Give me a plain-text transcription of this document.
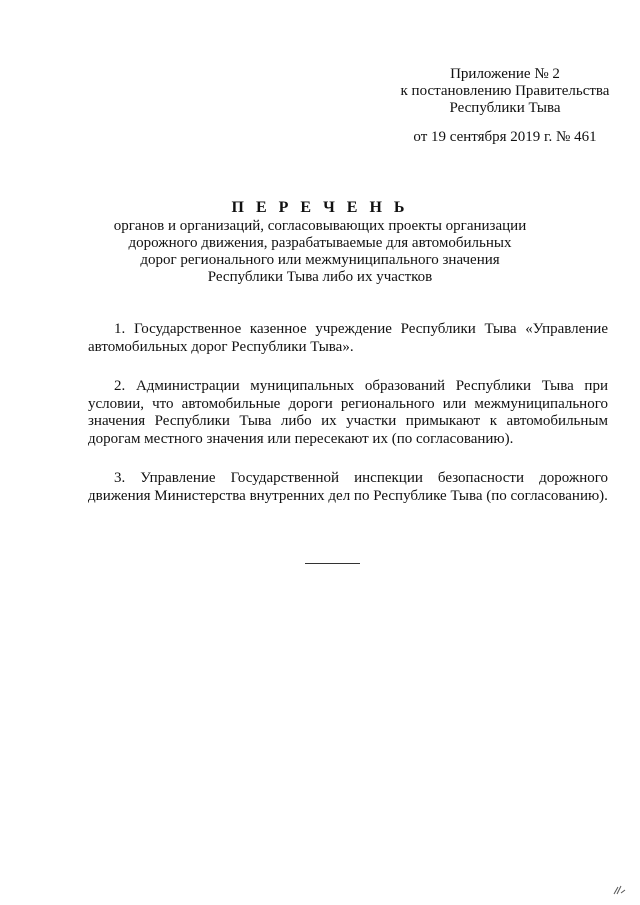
Приложение № 2
к постановлению Правительства
Республики Тыва
от 19 сентября 2019 г. № 461
П Е Р Е Ч Е Н Ь
органов и организаций, согласовывающих проекты организации
дорожного движения, разрабатываемые для автомобильных
дорог регионального или межмуниципального значения
Республики Тыва либо их участков

1. Государственное казенное учреждение Республики Тыва «Управление автомобильных дорог Республики Тыва».

2. Администрации муниципальных образований Республики Тыва при условии, что автомобильные дороги регионального или межмуниципального значения Республики Тыва либо их участки примыкают к автомобильным дорогам местного значения или пересекают их (по согласованию).

3. Управление Государственной инспекции безопасности дорожного движения Министерства внутренних дел по Республике Тыва (по согласованию).
